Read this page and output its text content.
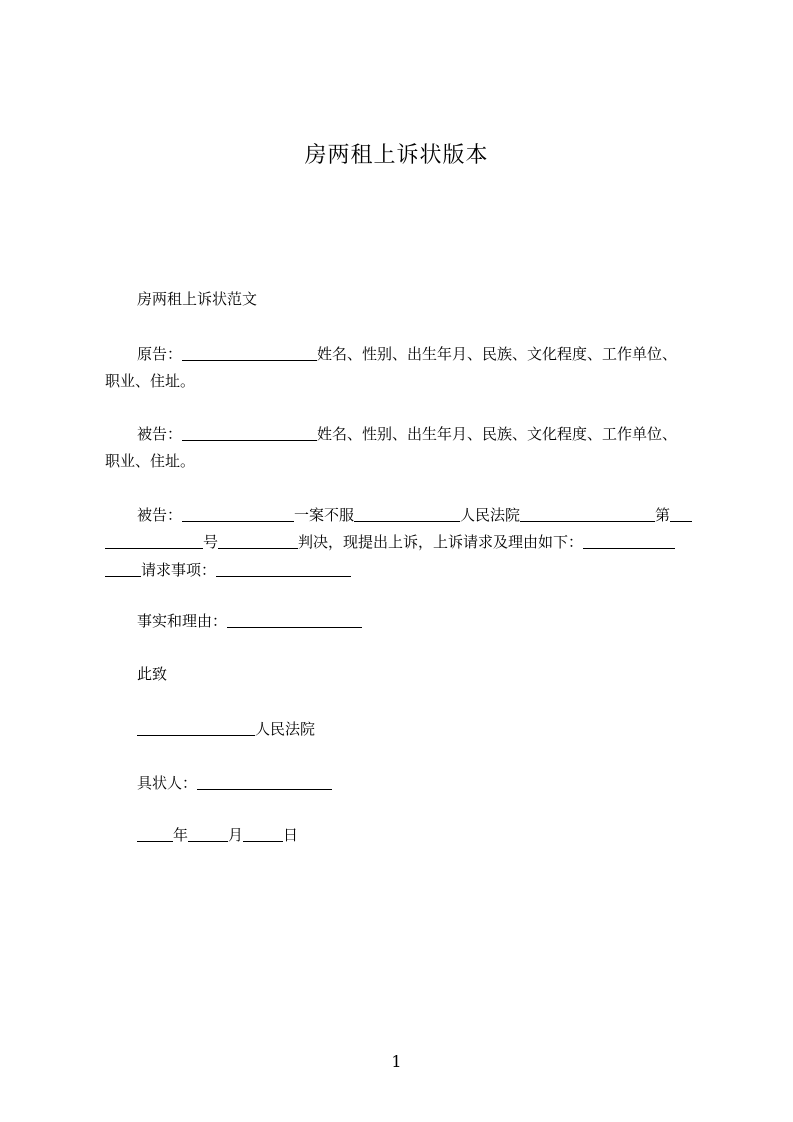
房两租上诉状版本
房两租上诉状范文
原告：	姓名、性别、出生年月、民族、文化程度、工作单位、
职业、住址。
被告：	姓名、性别、出生年月、民族、文化程度、工作单位、
职业、住址。
被告：	一案不服	人民法院	第
号	判决，现提出上诉，上诉请求及理由如下：
请求事项：
事实和理由：
此致
人民法院
具状人：
年	月	日
1
